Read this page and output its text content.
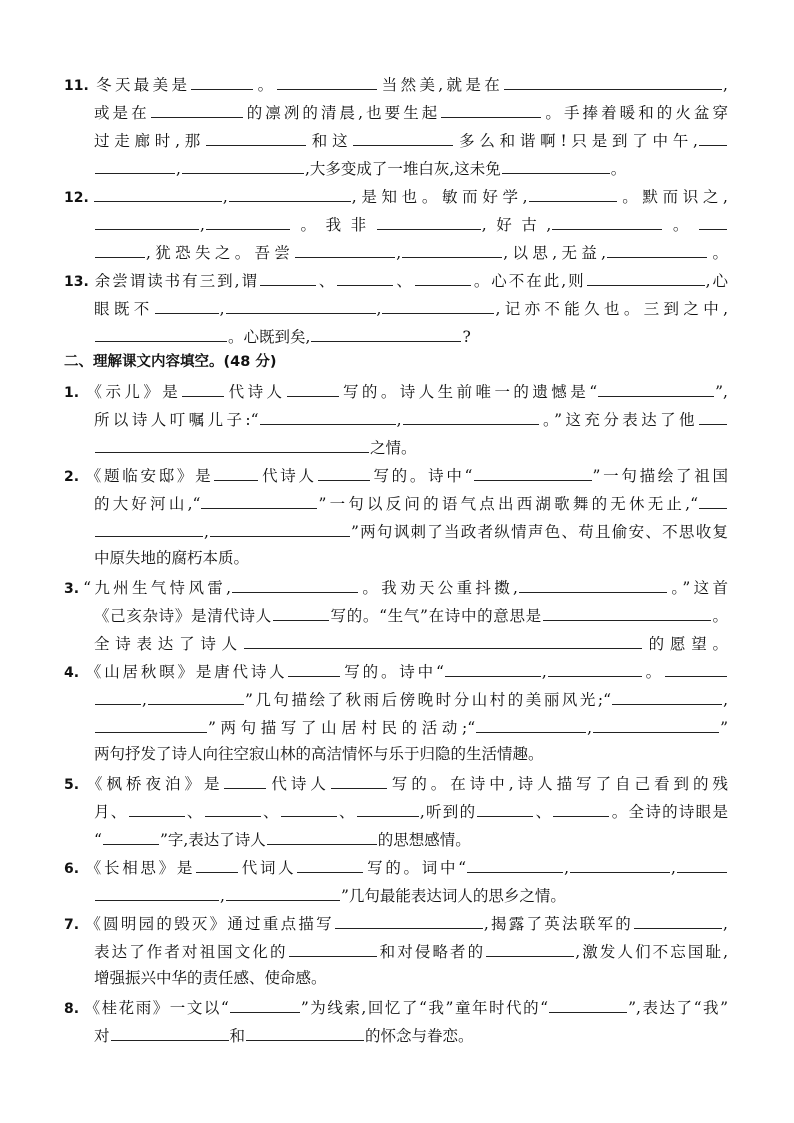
11. 冬天最美是	。	当然美,就是在	,
或是在	的凛冽的清晨,也要生起	。手捧着暖和的火盆穿
过走廊时,那	和这	多么和谐啊!只是到了中午,
,	,大多变成了一堆白灰,这未免	。
12.	,	,是知也。敏而好学,	。默而识之,
,	。我非	,好古,	。
,犹恐失之。吾尝	,	,以思,无益,	。
13. 余尝谓读书有三到,谓	、	、	。心不在此,则	,心
眼既不	,	,	,记亦不能久也。三到之中,
。心既到矣,	?
二、理解课文内容填空。(48 分)
1. 《示儿》是	代诗人	写的。诗人生前唯一的遗憾是“	”,
所以诗人叮嘱儿子:“	,	。”这充分表达了他
之情。
2. 《题临安邸》是	代诗人	写的。诗中“	”一句描绘了祖国
的大好河山,“	”一句以反问的语气点出西湖歌舞的无休无止,“
,	”两句讽刺了当政者纵情声色、苟且偷安、不思收复
中原失地的腐朽本质。
3. “九州生气恃风雷,	。我劝天公重抖擞,	。”这首
《己亥杂诗》是清代诗人	写的。“生气”在诗中的意思是	。
全诗表达了诗人	的愿望。
4. 《山居秋暝》是唐代诗人	写的。诗中“	,	。
,	”几句描绘了秋雨后傍晚时分山村的美丽风光;“	,
”两句描写了山居村民的活动;“	,	”
两句抒发了诗人向往空寂山林的高洁情怀与乐于归隐的生活情趣。
5. 《枫桥夜泊》是	代诗人	写的。在诗中,诗人描写了自己看到的残
月、	、	、	、	,听到的	、	。全诗的诗眼是
“	”字,表达了诗人	的思想感情。
6. 《长相思》是	代词人	写的。词中“	,	,
,	”几句最能表达词人的思乡之情。
7. 《圆明园的毁灭》通过重点描写	,揭露了英法联军的	,
表达了作者对祖国文化的	和对侵略者的	,激发人们不忘国耻,
增强振兴中华的责任感、使命感。
8. 《桂花雨》一文以“	”为线索,回忆了“我”童年时代的“	”,表达了“我”
对	和	的怀念与眷恋。
